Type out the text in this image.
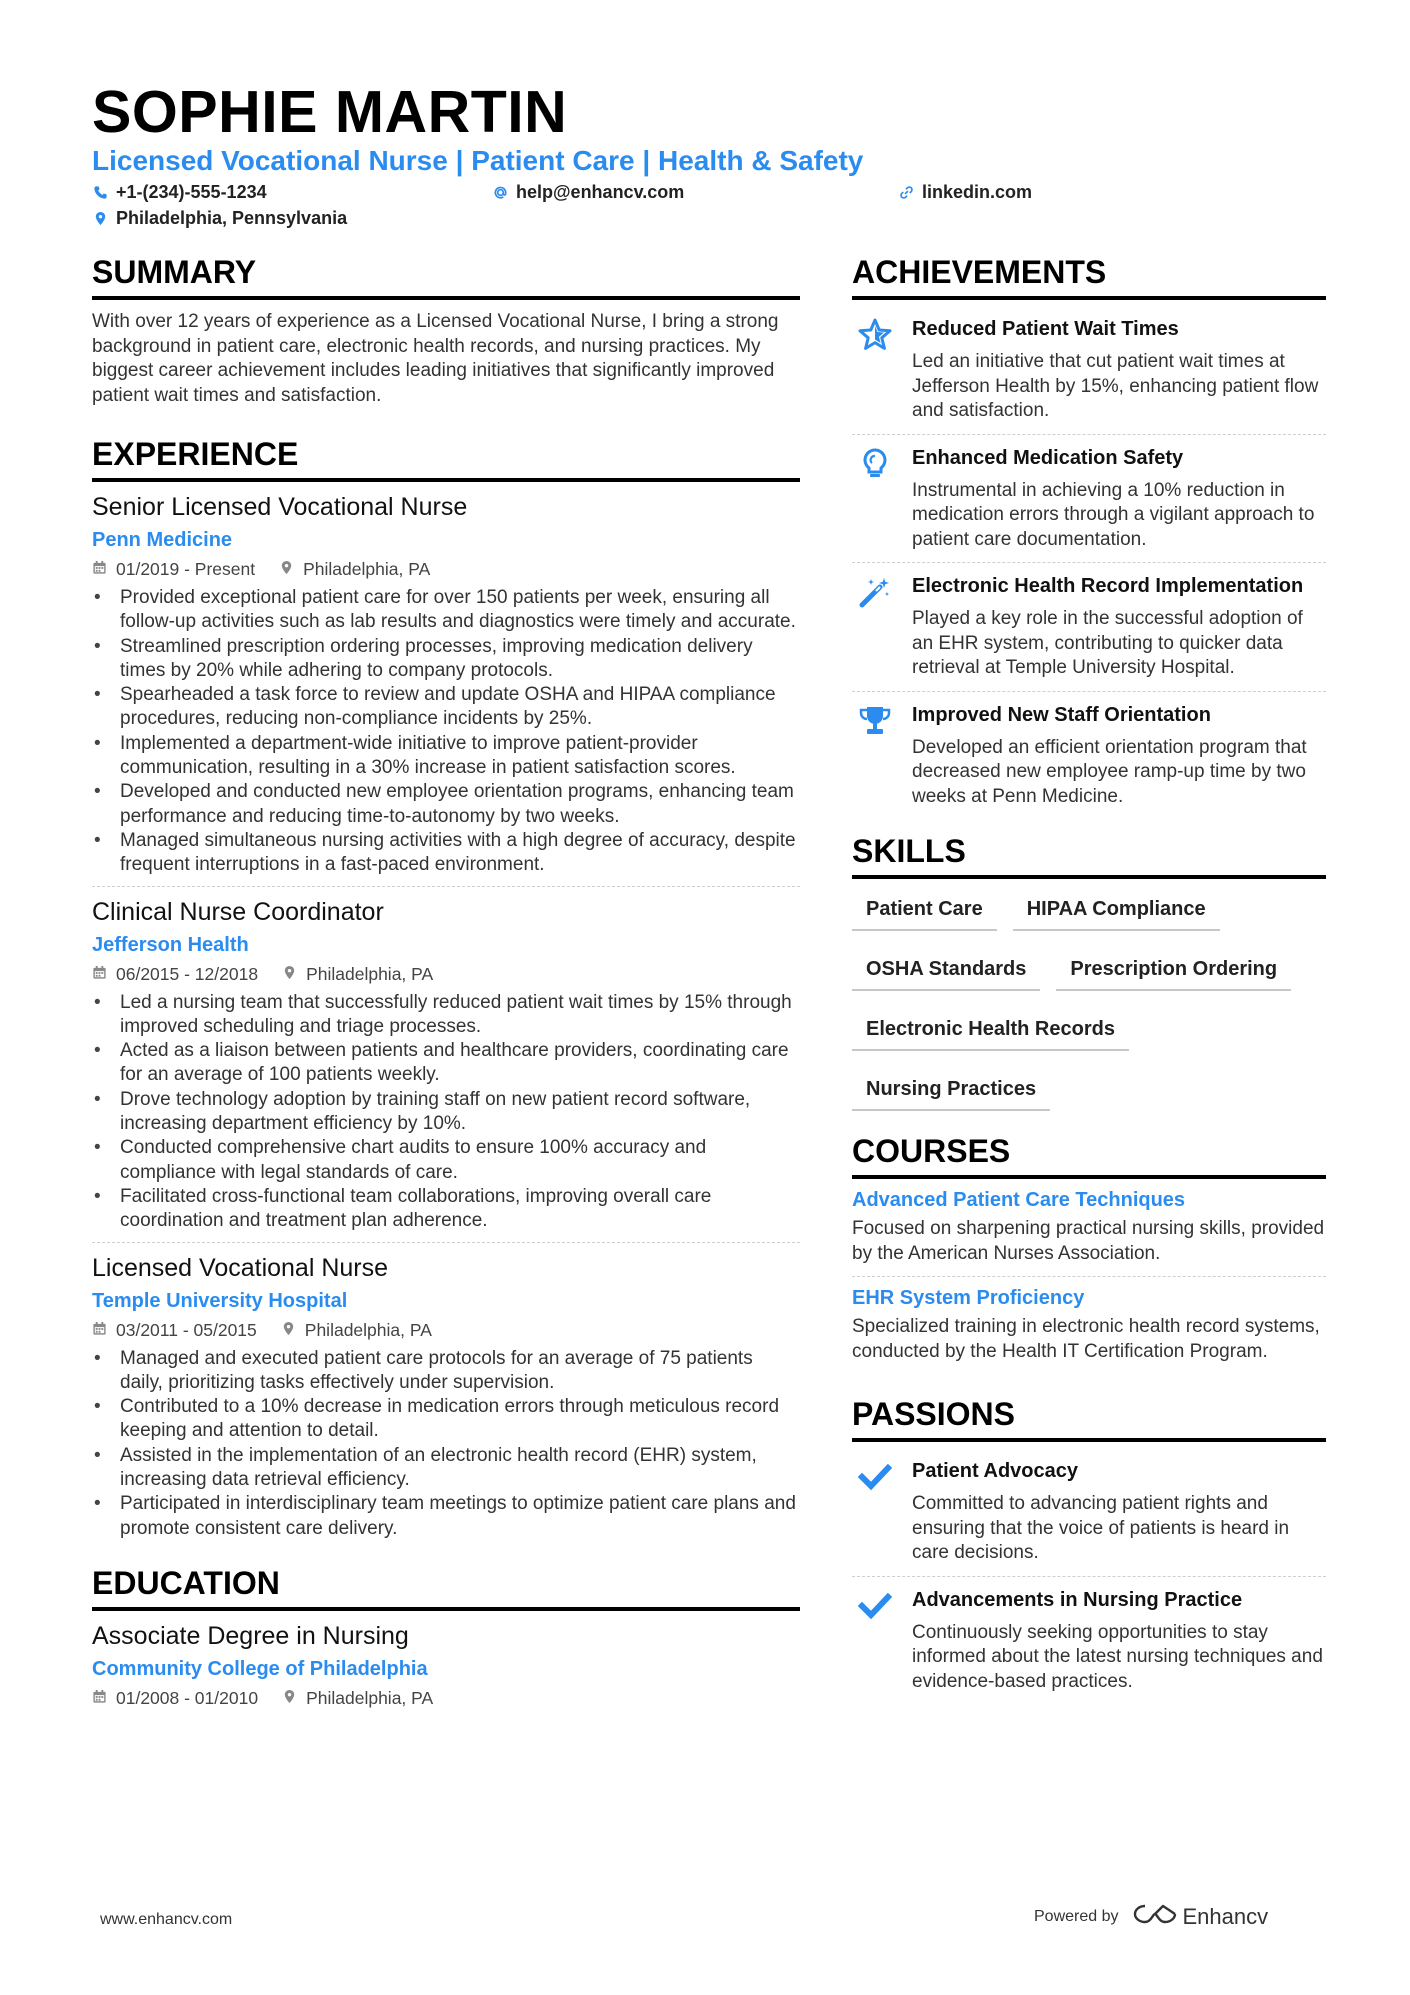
SOPHIE MARTIN
Licensed Vocational Nurse | Patient Care | Health & Safety
+1-(234)-555-1234	help@enhancv.com	linkedin.com
Philadelphia, Pennsylvania
SUMMARY
With over 12 years of experience as a Licensed Vocational Nurse, I bring a strong background in patient care, electronic health records, and nursing practices. My biggest career achievement includes leading initiatives that significantly improved patient wait times and satisfaction.
EXPERIENCE
Senior Licensed Vocational Nurse
Penn Medicine
01/2019 - Present	Philadelphia, PA
• Provided exceptional patient care for over 150 patients per week, ensuring all follow-up activities such as lab results and diagnostics were timely and accurate.
• Streamlined prescription ordering processes, improving medication delivery times by 20% while adhering to company protocols.
• Spearheaded a task force to review and update OSHA and HIPAA compliance procedures, reducing non-compliance incidents by 25%.
• Implemented a department-wide initiative to improve patient-provider communication, resulting in a 30% increase in patient satisfaction scores.
• Developed and conducted new employee orientation programs, enhancing team performance and reducing time-to-autonomy by two weeks.
• Managed simultaneous nursing activities with a high degree of accuracy, despite frequent interruptions in a fast-paced environment.
Clinical Nurse Coordinator
Jefferson Health
06/2015 - 12/2018	Philadelphia, PA
• Led a nursing team that successfully reduced patient wait times by 15% through improved scheduling and triage processes.
• Acted as a liaison between patients and healthcare providers, coordinating care for an average of 100 patients weekly.
• Drove technology adoption by training staff on new patient record software, increasing department efficiency by 10%.
• Conducted comprehensive chart audits to ensure 100% accuracy and compliance with legal standards of care.
• Facilitated cross-functional team collaborations, improving overall care coordination and treatment plan adherence.
Licensed Vocational Nurse
Temple University Hospital
03/2011 - 05/2015	Philadelphia, PA
• Managed and executed patient care protocols for an average of 75 patients daily, prioritizing tasks effectively under supervision.
• Contributed to a 10% decrease in medication errors through meticulous record keeping and attention to detail.
• Assisted in the implementation of an electronic health record (EHR) system, increasing data retrieval efficiency.
• Participated in interdisciplinary team meetings to optimize patient care plans and promote consistent care delivery.
EDUCATION
Associate Degree in Nursing
Community College of Philadelphia
01/2008 - 01/2010	Philadelphia, PA
ACHIEVEMENTS
Reduced Patient Wait Times
Led an initiative that cut patient wait times at Jefferson Health by 15%, enhancing patient flow and satisfaction.
Enhanced Medication Safety
Instrumental in achieving a 10% reduction in medication errors through a vigilant approach to patient care documentation.
Electronic Health Record Implementation
Played a key role in the successful adoption of an EHR system, contributing to quicker data retrieval at Temple University Hospital.
Improved New Staff Orientation
Developed an efficient orientation program that decreased new employee ramp-up time by two weeks at Penn Medicine.
SKILLS
Patient Care	HIPAA Compliance
OSHA Standards	Prescription Ordering
Electronic Health Records
Nursing Practices
COURSES
Advanced Patient Care Techniques
Focused on sharpening practical nursing skills, provided by the American Nurses Association.
EHR System Proficiency
Specialized training in electronic health record systems, conducted by the Health IT Certification Program.
PASSIONS
Patient Advocacy
Committed to advancing patient rights and ensuring that the voice of patients is heard in care decisions.
Advancements in Nursing Practice
Continuously seeking opportunities to stay informed about the latest nursing techniques and evidence-based practices.
www.enhancv.com	Powered by	Enhancv
